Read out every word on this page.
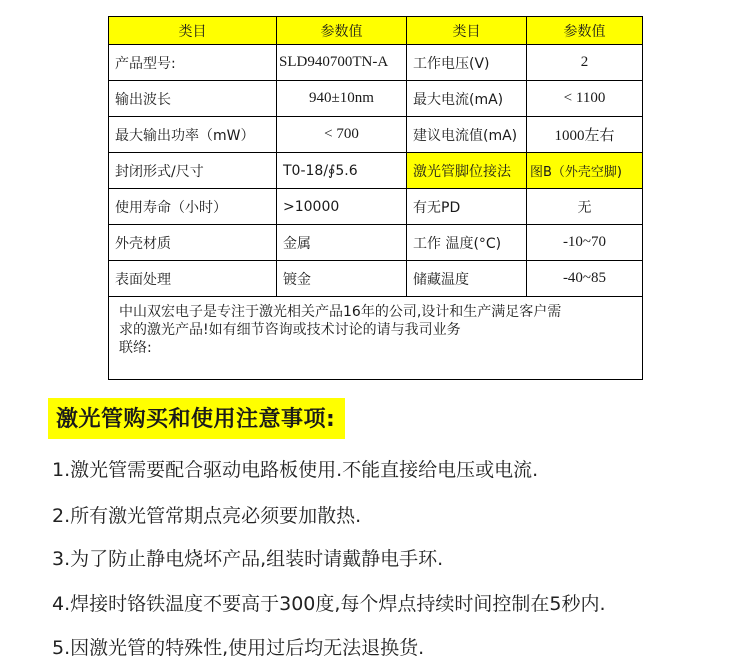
类目	参数值	类目	参数值
产品型号:	SLD940700TN-A	工作电压(V)	2
输出波长	940±10nm	最大电流(mA)	< 1100
最大输出功率（mW）	< 700	建议电流值(mA)	1000左右
封闭形式/尺寸	T0-18/∮5.6	激光管脚位接法	图B（外壳空脚)
使用寿命（小时）	>10000	有无PD	无
外壳材质	金属	工作 温度(°C)	-10~70
表面处理	镀金	储藏温度	-40~85

中山双宏电子是专注于激光相关产品16年的公司,设计和生产满足客户需
求的激光产品!如有细节咨询或技术讨论的请与我司业务
联络:			
激光管购买和使用注意事项:
1.激光管需要配合驱动电路板使用.不能直接给电压或电流.
2.所有激光管常期点亮必须要加散热.
3.为了防止静电烧坏产品,组装时请戴静电手环.
4.焊接时铬铁温度不要高于300度,每个焊点持续时间控制在5秒内.
5.因激光管的特殊性,使用过后均无法退换货.
